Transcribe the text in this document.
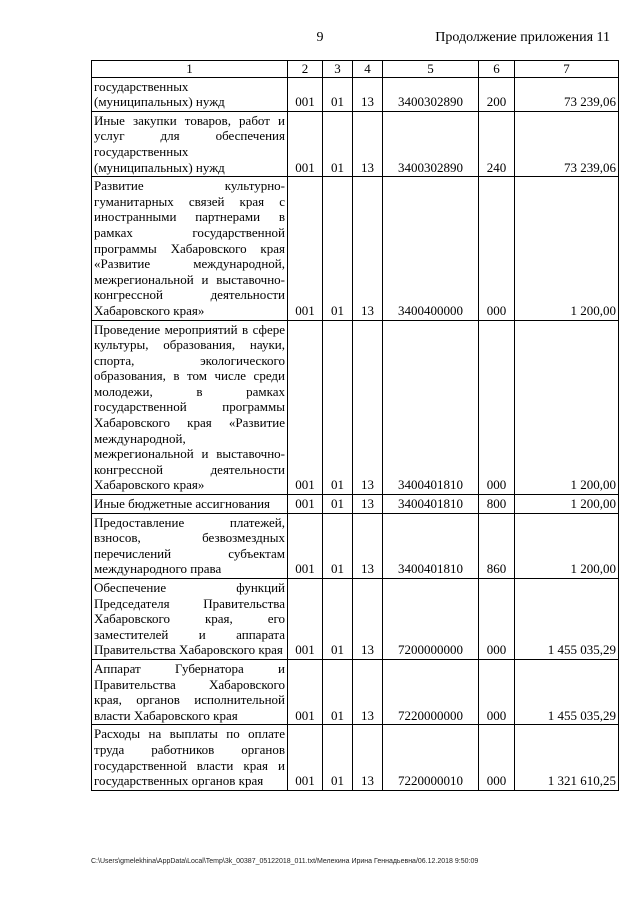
9	Продолжение приложения 11
1	2	3	4	5	6	7
государственных (муниципальных) нужд	001	01	13	3400302890	200	73 239,06
Иные закупки товаров, работ и услуг для обеспечения государственных (муниципальных) нужд	001	01	13	3400302890	240	73 239,06
Развитие культурно-гуманитарных связей края с иностранными партнерами в рамках государственной программы Хабаровского края «Развитие международной, межрегиональной и выставочно-конгрессной деятельности Хабаровского края»	001	01	13	3400400000	000	1 200,00
Проведение мероприятий в сфере культуры, образования, науки, спорта, экологического образования, в том числе среди молодежи, в рамках государственной программы Хабаровского края «Развитие международной, межрегиональной и выставочно-конгрессной деятельности Хабаровского края»	001	01	13	3400401810	000	1 200,00
Иные бюджетные ассигнования	001	01	13	3400401810	800	1 200,00
Предоставление платежей, взносов, безвозмездных перечислений субъектам международного права	001	01	13	3400401810	860	1 200,00
Обеспечение функций Председателя Правительства Хабаровского края, его заместителей и аппарата Правительства Хабаровского края	001	01	13	7200000000	000	1 455 035,29
Аппарат Губернатора и Правительства Хабаровского края, органов исполнительной власти Хабаровского края	001	01	13	7220000000	000	1 455 035,29
Расходы на выплаты по оплате труда работников органов государственной власти края и государственных органов края	001	01	13	7220000010	000	1 321 610,25
C:\Users\gmelekhina\AppData\Local\Temp\3k_00387_05122018_011.txt/Мелехина Ирина Геннадьевна/06.12.2018 9:50:09
